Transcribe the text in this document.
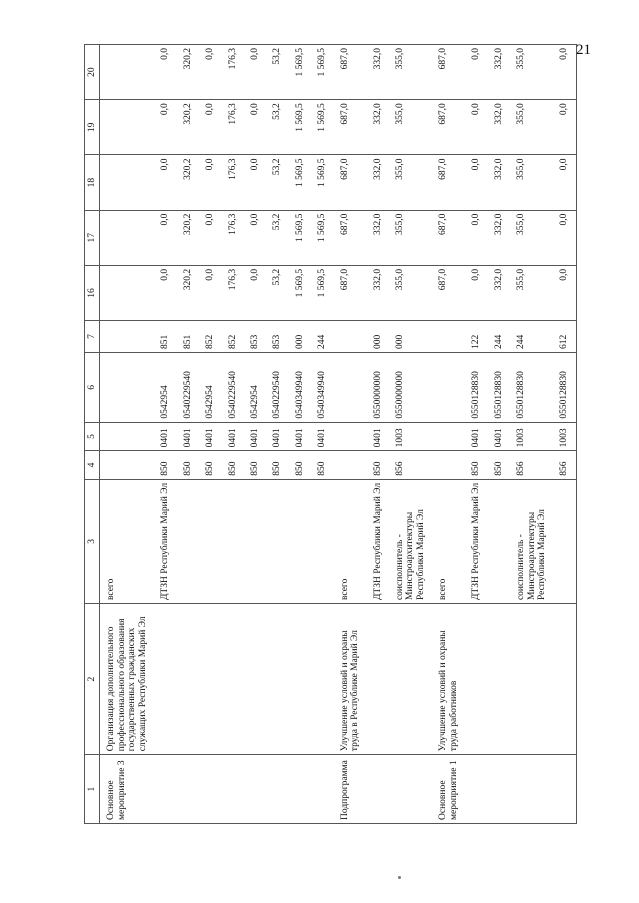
21
1	2	3	4	5	6	7	16	17	18	19	20
Основное мероприятие 3	Организация дополнительного профессионального образования государственных гражданских служащих Республики Марий Эл	всего									
		ДТЗН Республики Марий Эл	850	0401	0542954	851	0,0	0,0	0,0	0,0	0,0
			850	0401	0540229540	851	320,2	320,2	320,2	320,2	320,2
			850	0401	0542954	852	0,0	0,0	0,0	0,0	0,0
			850	0401	0540229540	852	176,3	176,3	176,3	176,3	176,3
			850	0401	0542954	853	0,0	0,0	0,0	0,0	0,0
			850	0401	0540229540	853	53,2	53,2	53,2	53,2	53,2
			850	0401	0540349940	000	1 569,5	1 569,5	1 569,5	1 569,5	1 569,5
			850	0401	0540349940	244	1 569,5	1 569,5	1 569,5	1 569,5	1 569,5
Подпрограмма	Улучшение условий и охраны труда в Республике Марий Эл	всего					687,0	687,0	687,0	687,0	687,0
		ДТЗН Республики Марий Эл	850	0401	0550000000	000	332,0	332,0	332,0	332,0	332,0
		соисполнитель - Минстроархитектуры Республики Марий Эл	856	1003	0550000000	000	355,0	355,0	355,0	355,0	355,0
Основное мероприятие 1	Улучшение условий и охраны труда работников	всего					687,0	687,0	687,0	687,0	687,0
		ДТЗН Республики Марий Эл	850	0401	0550128830	122	0,0	0,0	0,0	0,0	0,0
			850	0401	0550128830	244	332,0	332,0	332,0	332,0	332,0
		соисполнитель - Минстроархитектуры Республики Марий Эл	856	1003	0550128830	244	355,0	355,0	355,0	355,0	355,0
			856	1003	0550128830	612	0,0	0,0	0,0	0,0	0,0
